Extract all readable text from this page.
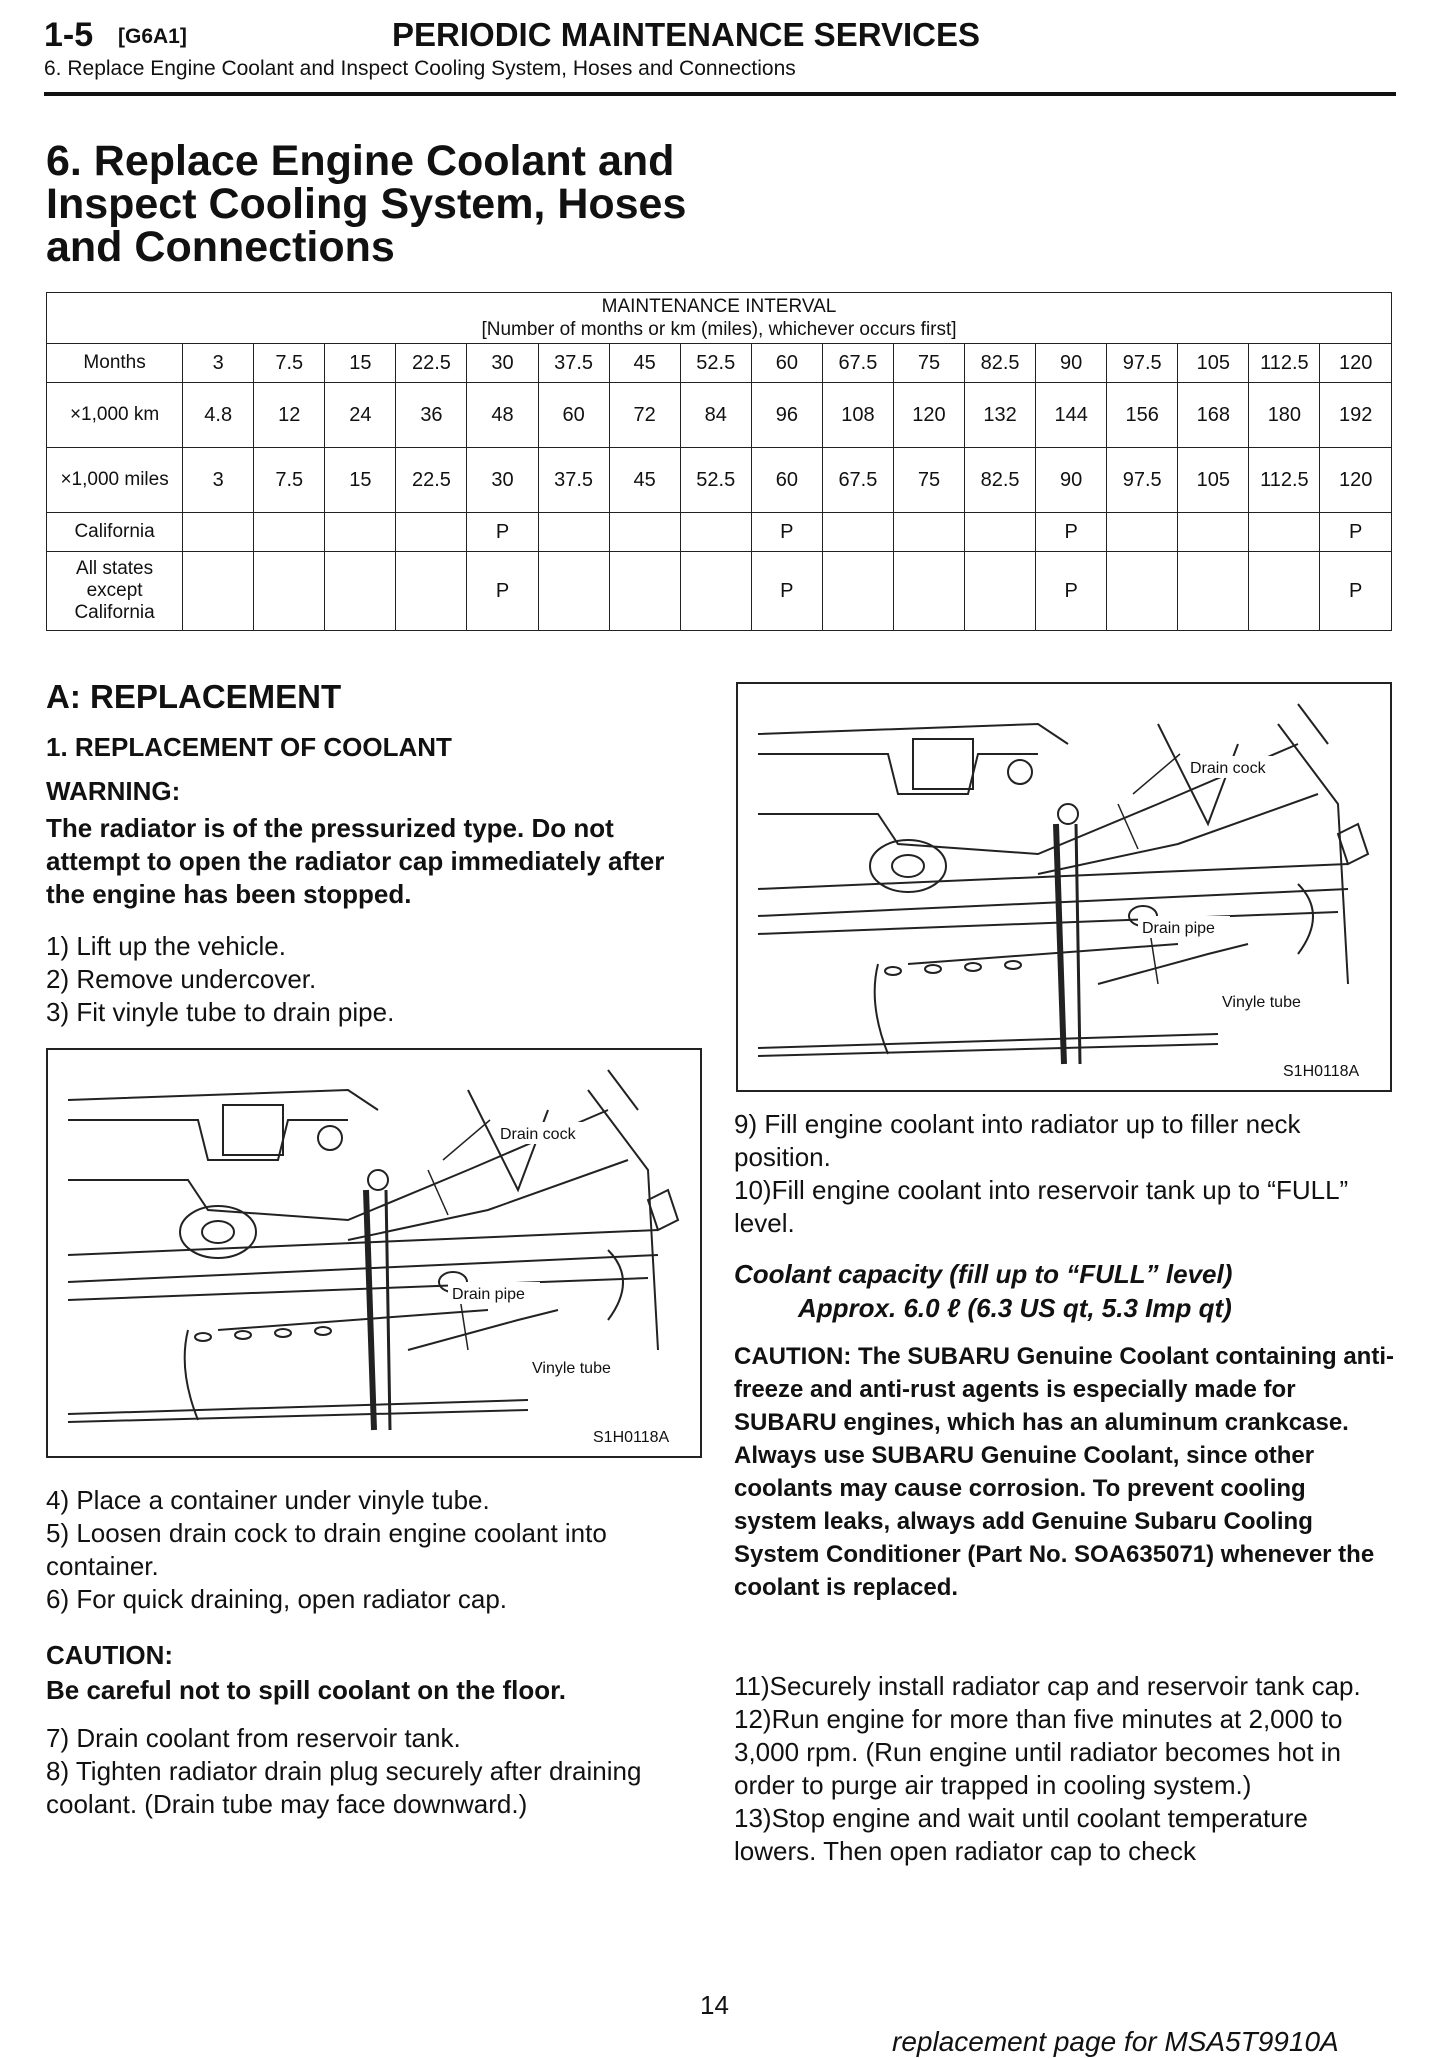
1-5 [G6A1]	PERIODIC MAINTENANCE SERVICES
6. Replace Engine Coolant and Inspect Cooling System, Hoses and Connections
6. Replace Engine Coolant and Inspect Cooling System, Hoses and Connections
MAINTENANCE INTERVAL
[Number of months or km (miles), whichever occurs first]																	

Months	3	7.5	15	22.5	30	37.5	45	52.5	60	67.5	75	82.5	90	97.5	105	112.5	120
×1,000 km	4.8	12	24	36	48	60	72	84	96	108	120	132	144	156	168	180	192
×1,000 miles	3	7.5	15	22.5	30	37.5	45	52.5	60	67.5	75	82.5	90	97.5	105	112.5	120
California					P				P				P				P
All states except California					P				P				P				P
A: REPLACEMENT
1. REPLACEMENT OF COOLANT
WARNING:
The radiator is of the pressurized type. Do not attempt to open the radiator cap immediately after the engine has been stopped.
1) Lift up the vehicle.
2) Remove undercover.
3) Fit vinyle tube to drain pipe.
Drain cock
Drain pipe
Vinyle tube
S1H0118A
4) Place a container under vinyle tube.
5) Loosen drain cock to drain engine coolant into container.
6) For quick draining, open radiator cap.
CAUTION:
Be careful not to spill coolant on the floor.
7) Drain coolant from reservoir tank.
8) Tighten radiator drain plug securely after draining coolant. (Drain tube may face downward.)
Drain cock
Drain pipe
Vinyle tube
S1H0118A
9) Fill engine coolant into radiator up to filler neck position.
10)Fill engine coolant into reservoir tank up to “FULL” level.
Coolant capacity (fill up to “FULL” level)
Approx. 6.0 ℓ (6.3 US qt, 5.3 Imp qt)
CAUTION: The SUBARU Genuine Coolant containing anti-freeze and anti-rust agents is especially made for SUBARU engines, which has an aluminum crankcase. Always use SUBARU Genuine Coolant, since other coolants may cause corrosion. To prevent cooling system leaks, always add Genuine Subaru Cooling System Conditioner (Part No. SOA635071) whenever the coolant is replaced.
11)Securely install radiator cap and reservoir tank cap.
12)Run engine for more than five minutes at 2,000 to 3,000 rpm. (Run engine until radiator becomes hot in order to purge air trapped in cooling system.)
13)Stop engine and wait until coolant temperature lowers. Then open radiator cap to check
14
replacement page for MSA5T9910A
